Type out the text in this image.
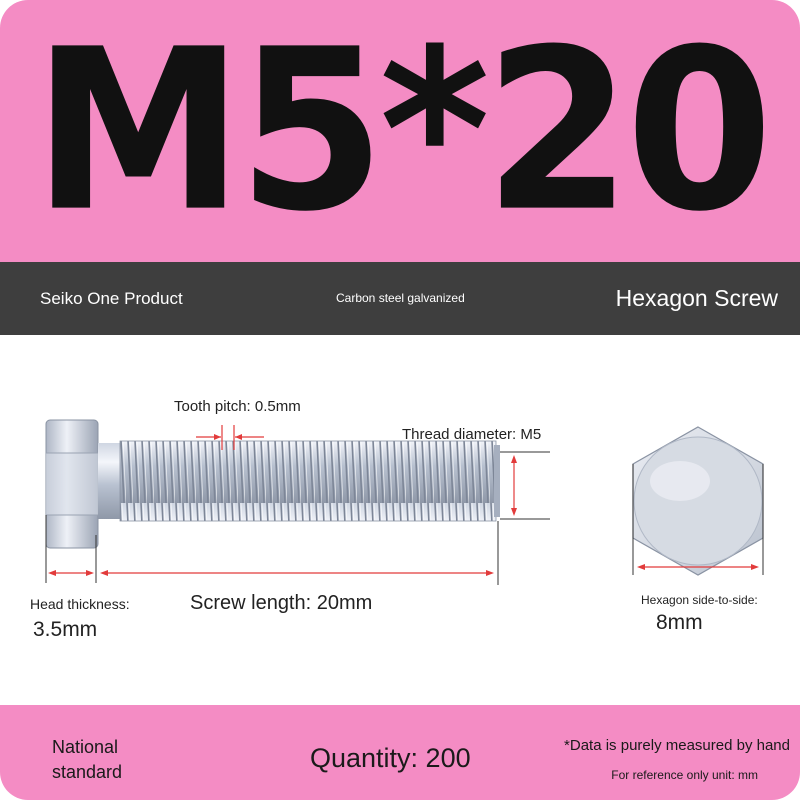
M5*20
Seiko One Product	Carbon steel galvanized	Hexagon Screw
Tooth pitch: 0.5mm
Thread diameter: M5
Head thickness:
3.5mm
Screw length: 20mm	Hexagon side-to-side:
8mm
National
standard	Quantity: 200	*Data is purely measured by hand
For reference only unit: mm
